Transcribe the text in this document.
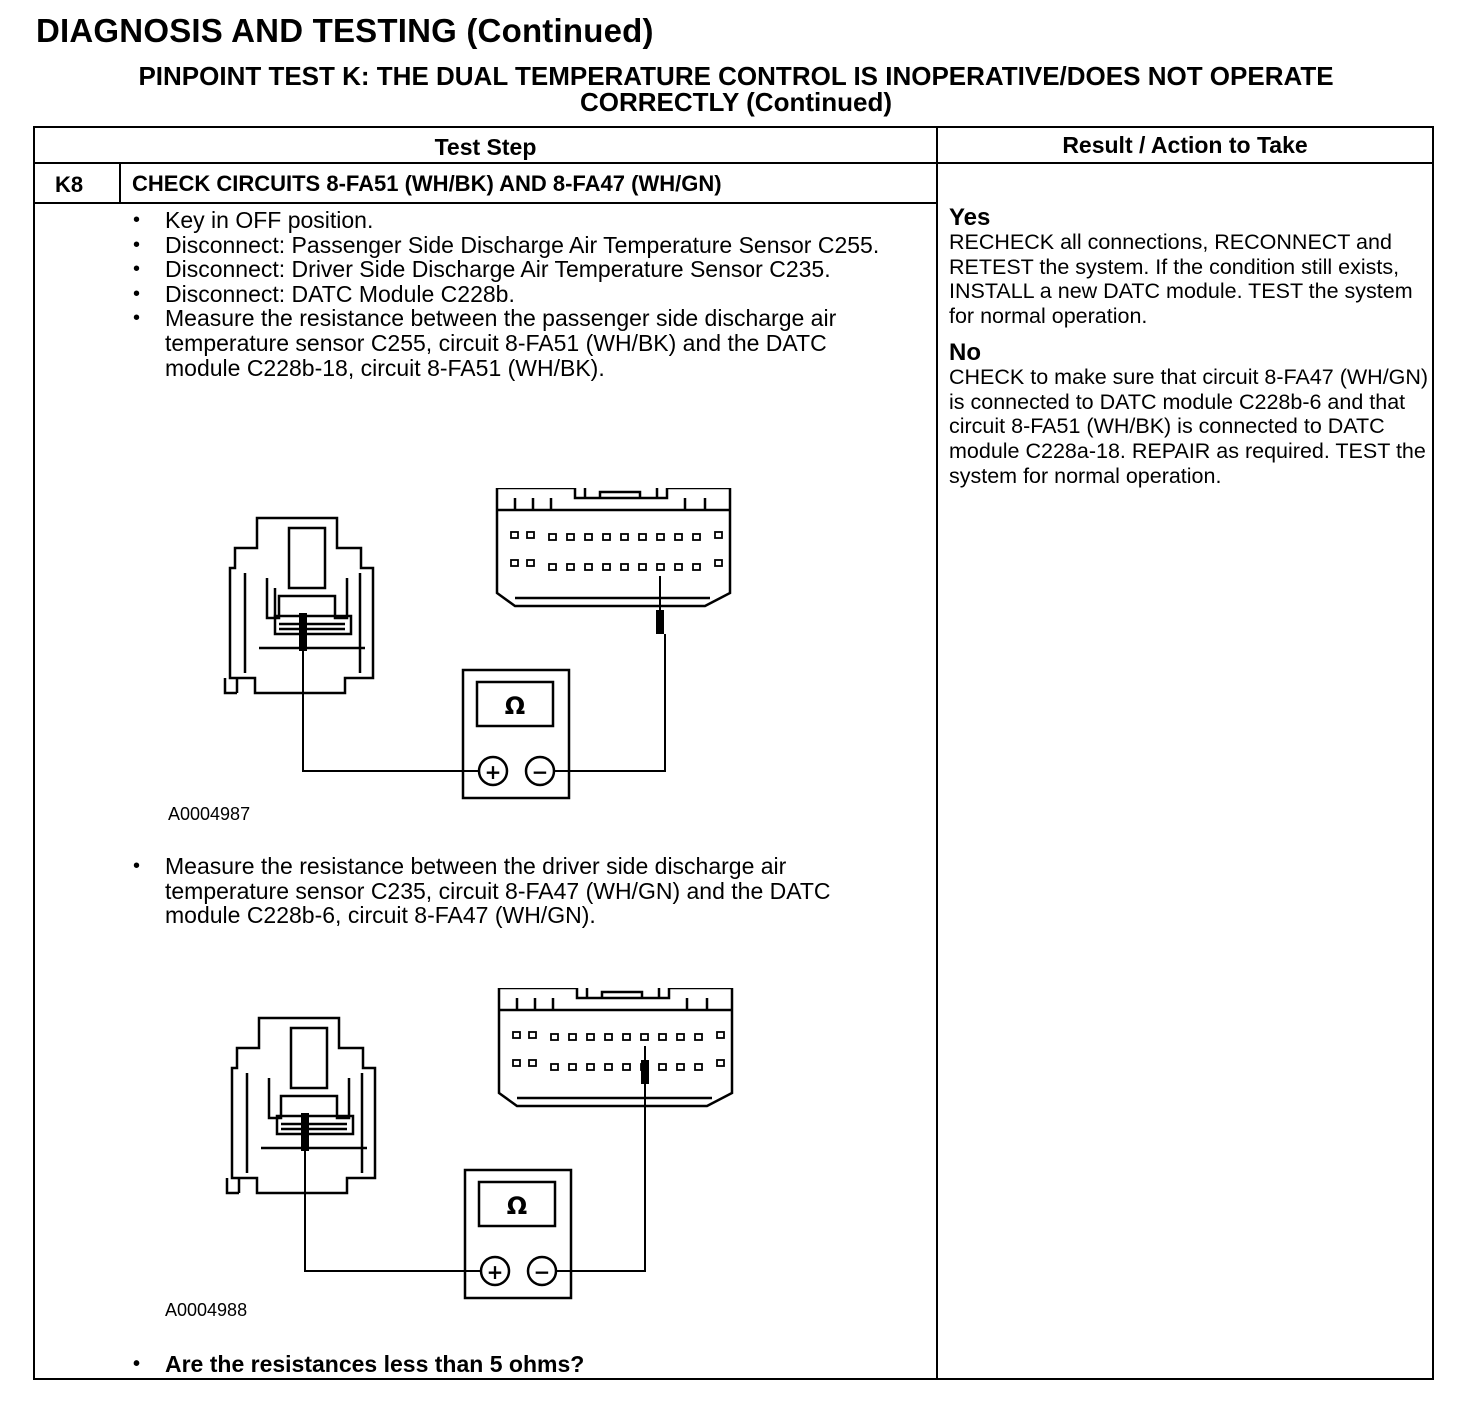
DIAGNOSIS AND TESTING (Continued)
PINPOINT TEST K: THE DUAL TEMPERATURE CONTROL IS INOPERATIVE/DOES NOT OPERATE
CORRECTLY (Continued)
Test Step	Result / Action to Take
K8 CHECK CIRCUITS 8-FA51 (WH/BK) AND 8-FA47 (WH/GN)
• Key in OFF position.
• Disconnect: Passenger Side Discharge Air Temperature Sensor C255.
• Disconnect: Driver Side Discharge Air Temperature Sensor C235.
• Disconnect: DATC Module C228b.
• Measure the resistance between the passenger side discharge air temperature sensor C255, circuit 8-FA51 (WH/BK) and the DATC module C228b-18, circuit 8-FA51 (WH/BK).
Ω
+ −
A0004987
• Measure the resistance between the driver side discharge air temperature sensor C235, circuit 8-FA47 (WH/GN) and the DATC module C228b-6, circuit 8-FA47 (WH/GN).
Ω
+ −
A0004988
• Are the resistances less than 5 ohms?
Yes
RECHECK all connections, RECONNECT and RETEST the system. If the condition still exists, INSTALL a new DATC module. TEST the system for normal operation.
No
CHECK to make sure that circuit 8-FA47 (WH/GN) is connected to DATC module C228b-6 and that circuit 8-FA51 (WH/BK) is connected to DATC module C228a-18. REPAIR as required. TEST the system for normal operation.
